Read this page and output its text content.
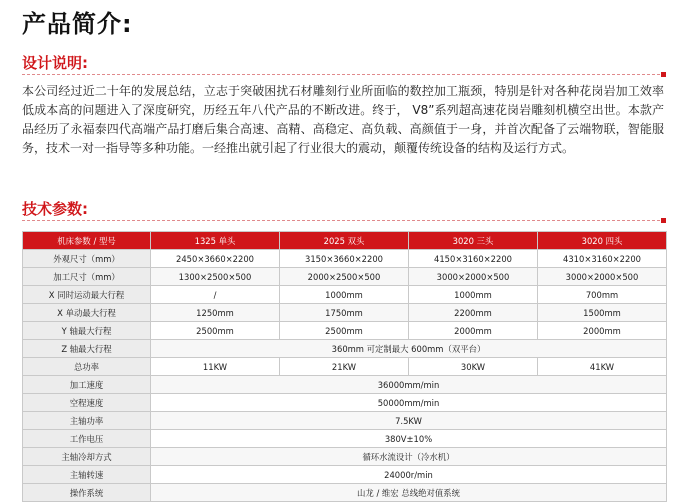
产品简介:
设计说明:
本公司经过近二十年的发展总结，立志于突破困扰石材雕刻行业所面临的数控加工瓶颈，特别是针对各种花岗岩加工效率低成本高的问题进入了深度研究，历经五年八代产品的不断改进。终于， V8”系列超高速花岗岩雕刻机横空出世。本款产品经历了永福泰四代高端产品打磨后集合高速、高精、高稳定、高负载、高颜值于一身，并首次配备了云端物联，智能服务，技术一对一指导等多种功能。一经推出就引起了行业很大的震动，颠覆传统设备的结构及运行方式。
技术参数:
机床参数 / 型号	1325 单头	2025 双头	3020 三头	3020 四头
外观尺寸（mm）	2450×3660×2200	3150×3660×2200	4150×3160×2200	4310×3160×2200
加工尺寸（mm）	1300×2500×500	2000×2500×500	3000×2000×500	3000×2000×500
X 同时运动最大行程	/	1000mm	1000mm	700mm
X 单动最大行程	1250mm	1750mm	2200mm	1500mm
Y 轴最大行程	2500mm	2500mm	2000mm	2000mm
Z 轴最大行程	360mm 可定制最大 600mm（双平台）			
总功率	11KW	21KW	30KW	41KW
加工速度	36000mm/min			
空程速度	50000mm/min			
主轴功率	7.5KW			
工作电压	380V±10%			
主轴冷却方式	循环水流设计（冷水机）			
主轴转速	24000r/min			
操作系统	山龙 / 维宏 总线绝对值系统			
